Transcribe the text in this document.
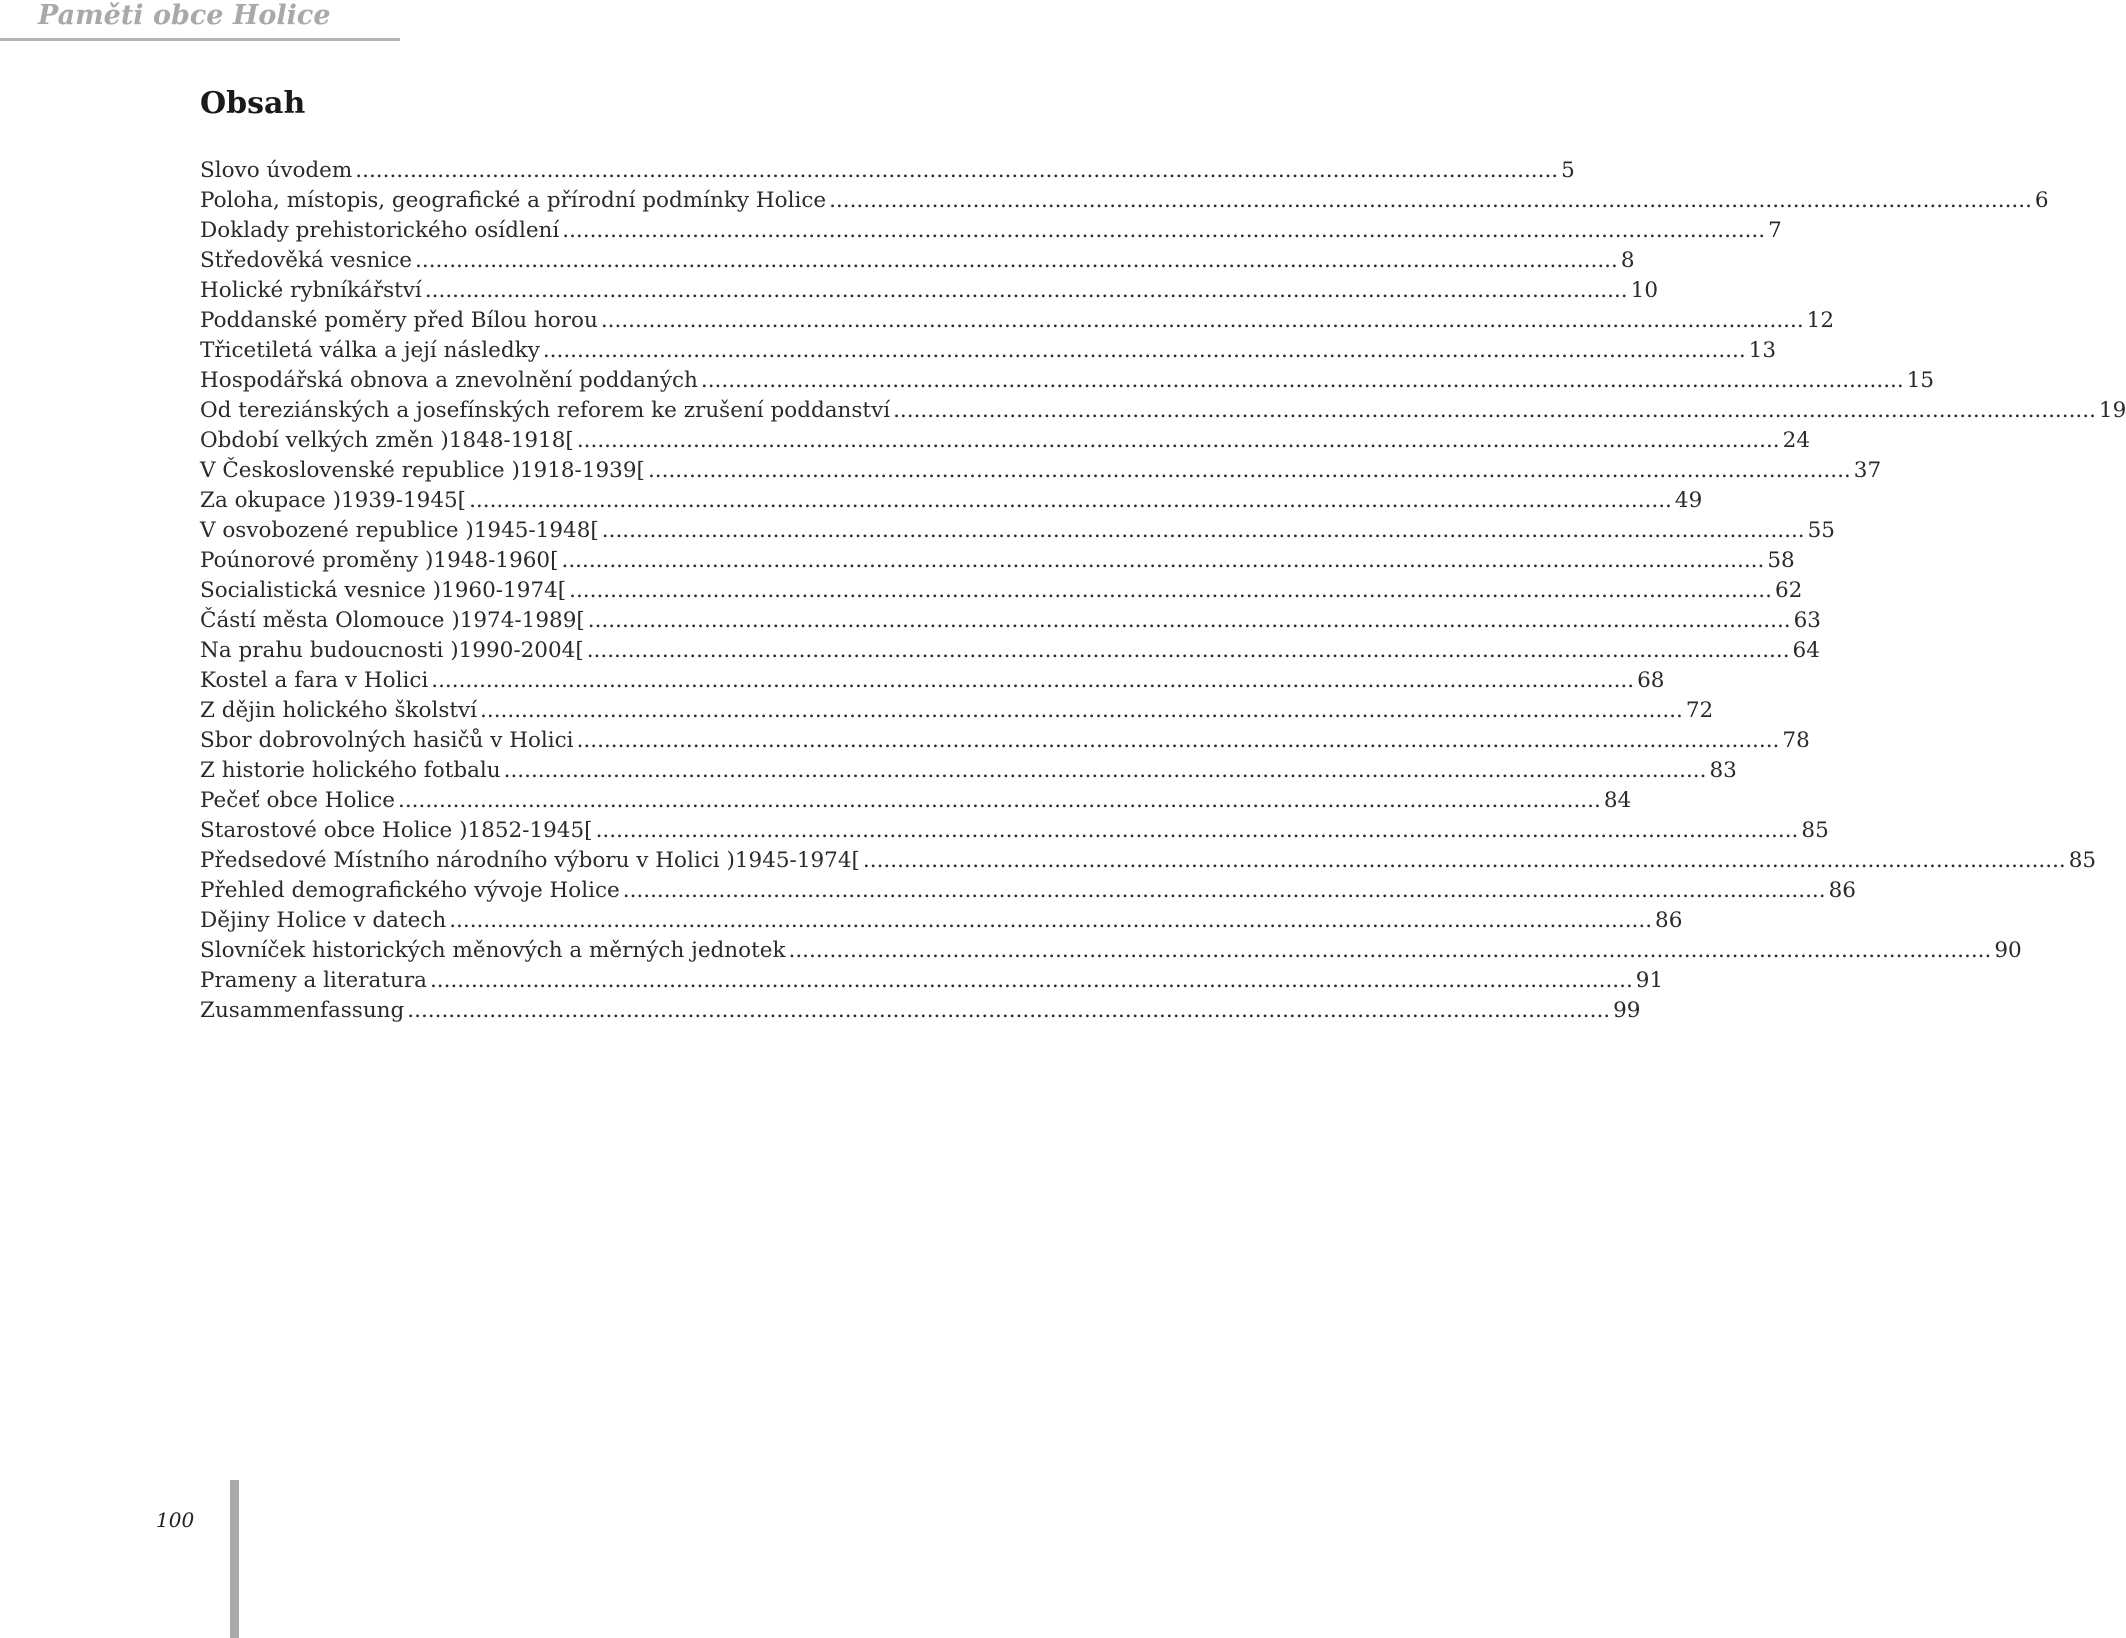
Paměti obce Holice
Obsah
Slovo úvodem .....	5
Poloha, místopis, geografické a přírodní podmínky Holice .....	6
Doklady prehistorického osídlení .....	7
Středověká vesnice .....	8
Holické rybníkářství .....	10
Poddanské poměry před Bílou horou .....	12
Třicetiletá válka a její následky .....	13
Hospodářská obnova a znevolnění poddaných .....	15
Od tereziánských a josefínských reforem ke zrušení poddanství .....	19
Období velkých změn )1848-1918[ .....	24
V Československé republice )1918-1939[ .....	37
Za okupace )1939-1945[ .....	49
V osvobozené republice )1945-1948[ .....	55
Poúnorové proměny )1948-1960[ .....	58
Socialistická vesnice )1960-1974[ .....	62
Částí města Olomouce )1974-1989[ .....	63
Na prahu budoucnosti )1990-2004[ .....	64
Kostel a fara v Holici .....	68
Z dějin holického školství .....	72
Sbor dobrovolných hasičů v Holici .....	78
Z historie holického fotbalu .....	83
Pečeť obce Holice .....	84
Starostové obce Holice )1852-1945[ .....	85
Předsedové Místního národního výboru v Holici )1945-1974[ .....	85
Přehled demografického vývoje Holice .....	86
Dějiny Holice v datech .....	86
Slovníček historických měnových a měrných jednotek .....	90
Prameny a literatura .....	91
Zusammenfassung .....	99
100
